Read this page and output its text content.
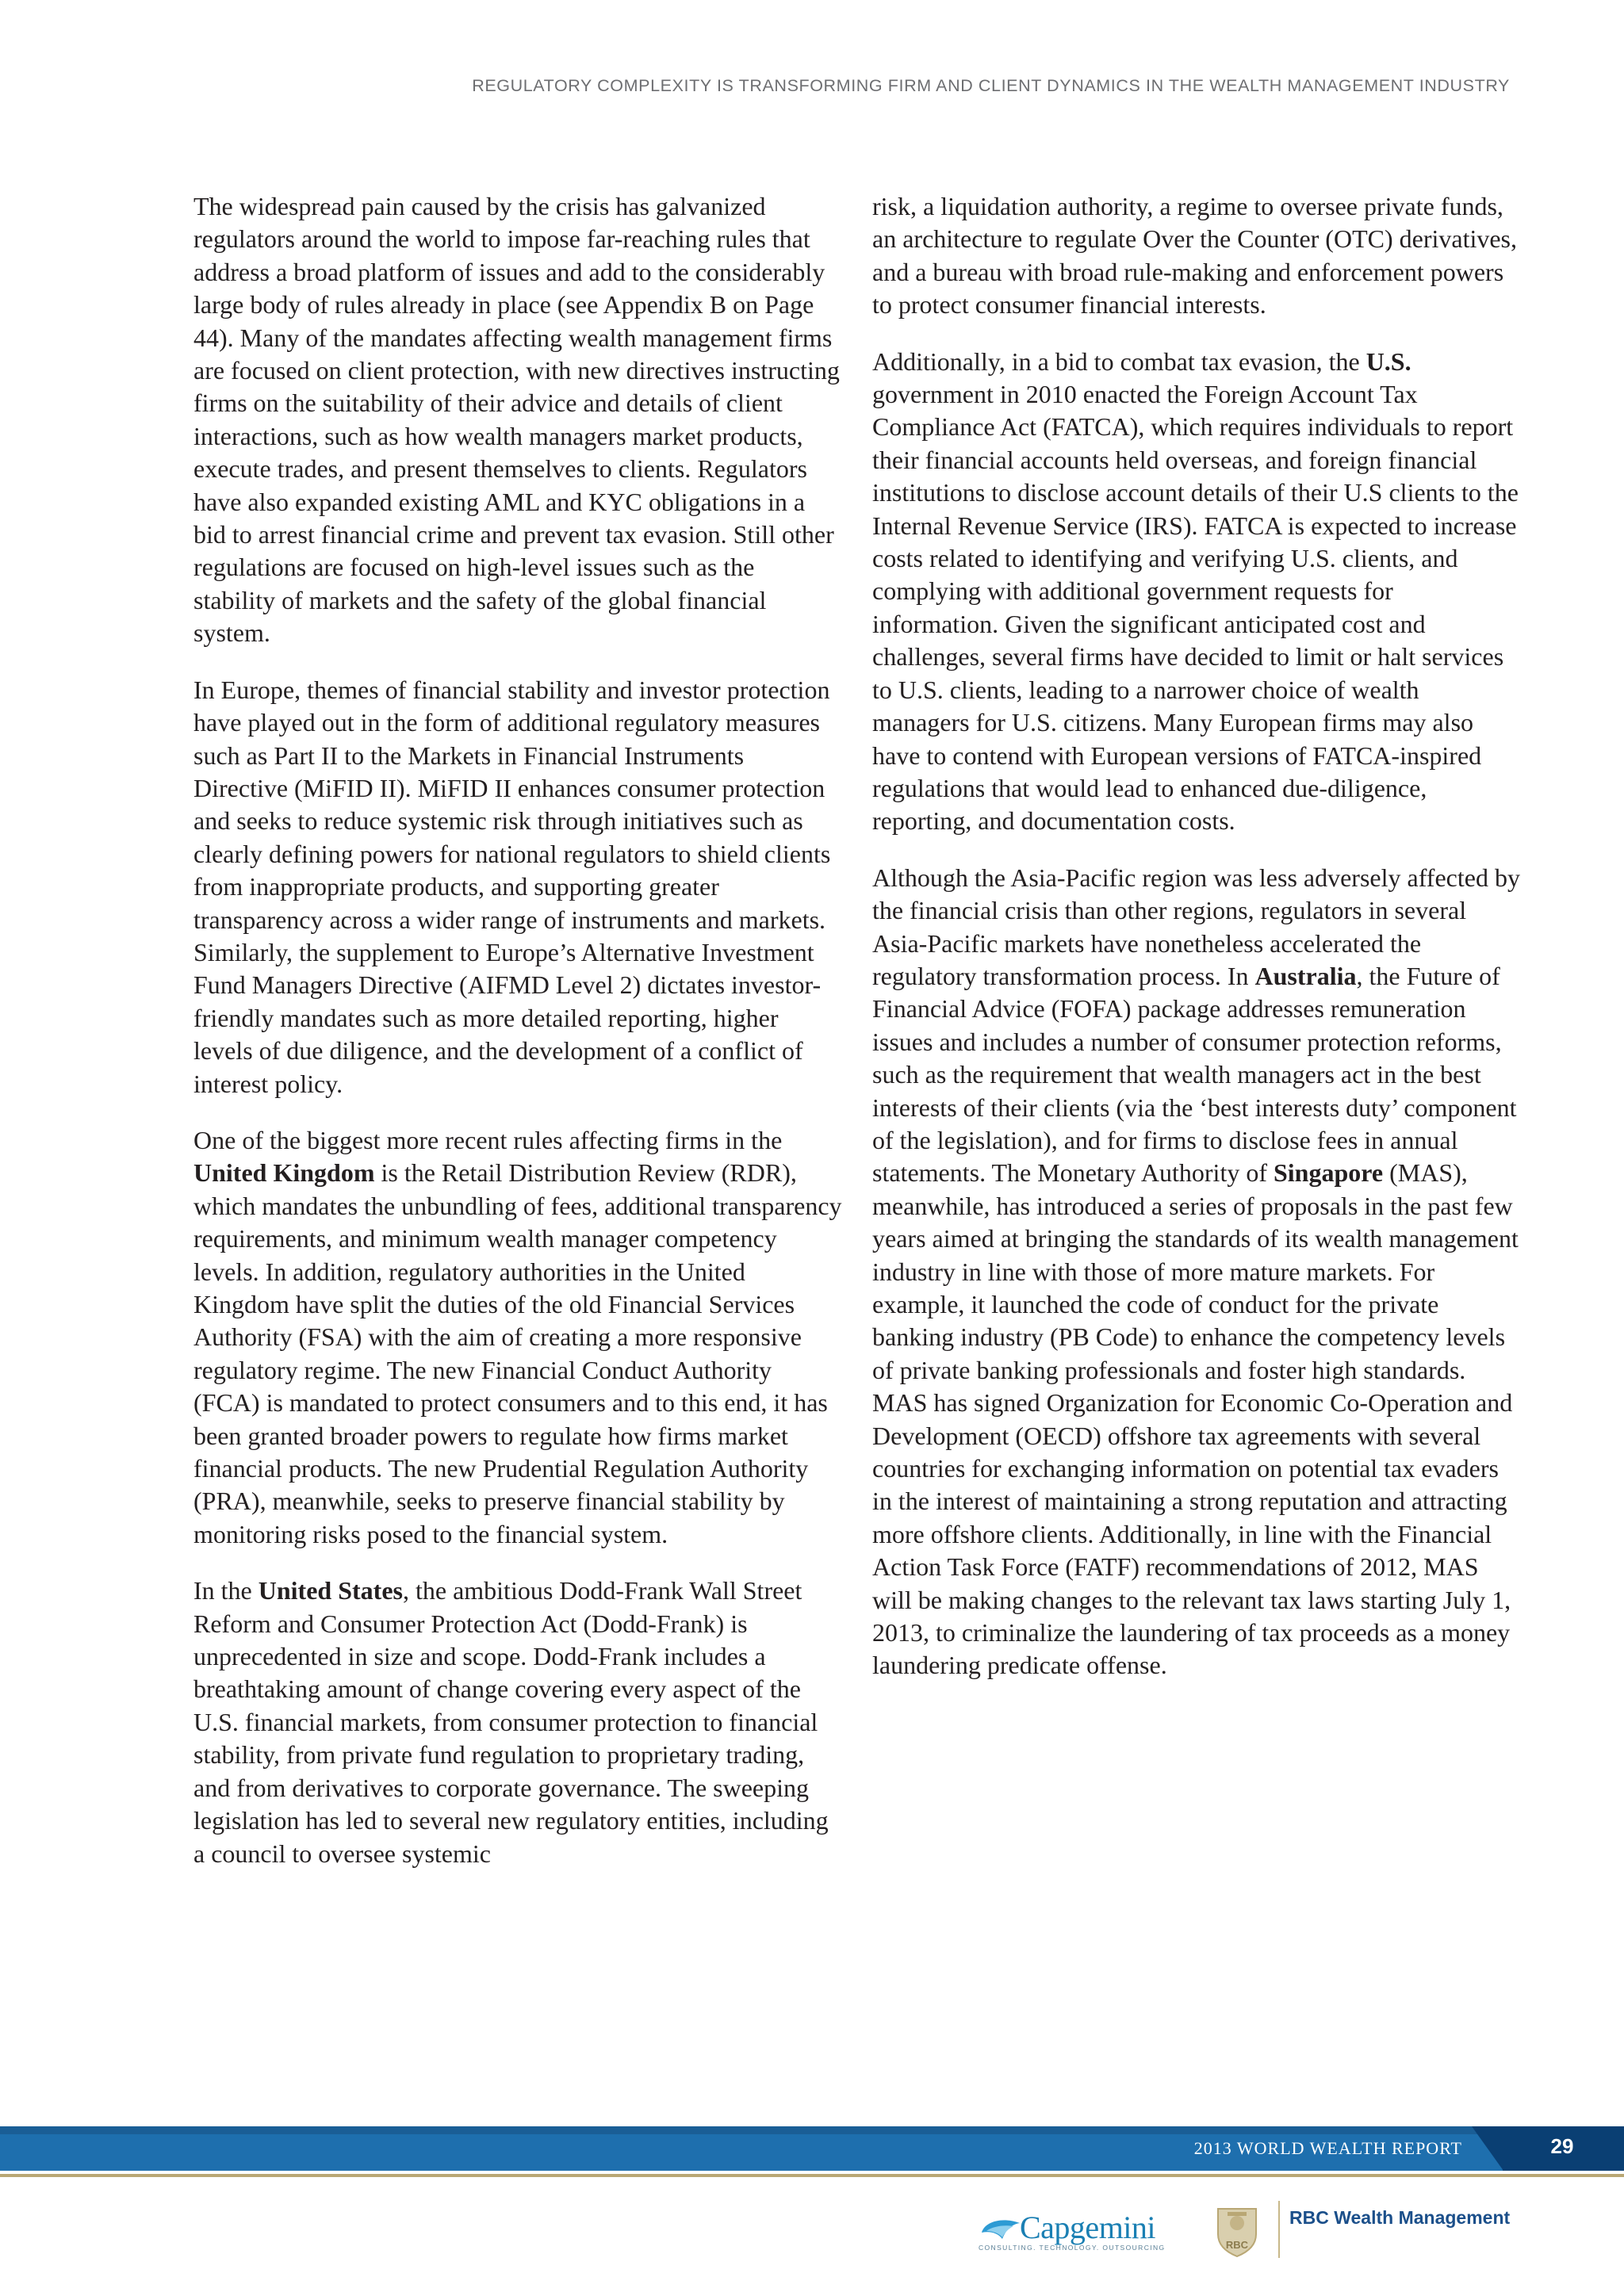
REGULATORY COMPLEXITY IS TRANSFORMING FIRM AND CLIENT DYNAMICS IN THE WEALTH MANAGEMENT INDUSTRY

The widespread pain caused by the crisis has galvanized regulators around the world to impose far-reaching rules that address a broad platform of issues and add to the considerably large body of rules already in place (see Appendix B on Page 44). Many of the mandates affecting wealth management firms are focused on client protection, with new directives instructing firms on the suitability of their advice and details of client interactions, such as how wealth managers market products, execute trades, and present themselves to clients. Regulators have also expanded existing AML and KYC obligations in a bid to arrest financial crime and prevent tax evasion. Still other regulations are focused on high-level issues such as the stability of markets and the safety of the global financial system.

In Europe, themes of financial stability and investor protection have played out in the form of additional regulatory measures such as Part II to the Markets in Financial Instruments Directive (MiFID II). MiFID II enhances consumer protection and seeks to reduce systemic risk through initiatives such as clearly defining powers for national regulators to shield clients from inappropriate products, and supporting greater transparency across a wider range of instruments and markets. Similarly, the supplement to Europe’s Alternative Investment Fund Managers Directive (AIFMD Level 2) dictates investor-friendly mandates such as more detailed reporting, higher levels of due diligence, and the development of a conflict of interest policy.

One of the biggest more recent rules affecting firms in the United Kingdom is the Retail Distribution Review (RDR), which mandates the unbundling of fees, additional transparency requirements, and minimum wealth manager competency levels. In addition, regulatory authorities in the United Kingdom have split the duties of the old Financial Services Authority (FSA) with the aim of creating a more responsive regulatory regime. The new Financial Conduct Authority (FCA) is mandated to protect consumers and to this end, it has been granted broader powers to regulate how firms market financial products. The new Prudential Regulation Authority (PRA), meanwhile, seeks to preserve financial stability by monitoring risks posed to the financial system.

In the United States, the ambitious Dodd-Frank Wall Street Reform and Consumer Protection Act (Dodd-Frank) is unprecedented in size and scope. Dodd-Frank includes a breathtaking amount of change covering every aspect of the U.S. financial markets, from consumer protection to financial stability, from private fund regulation to proprietary trading, and from derivatives to corporate governance. The sweeping legislation has led to several new regulatory entities, including a council to oversee systemic

risk, a liquidation authority, a regime to oversee private funds, an architecture to regulate Over the Counter (OTC) derivatives, and a bureau with broad rule-making and enforcement powers to protect consumer financial interests.

Additionally, in a bid to combat tax evasion, the U.S. government in 2010 enacted the Foreign Account Tax Compliance Act (FATCA), which requires individuals to report their financial accounts held overseas, and foreign financial institutions to disclose account details of their U.S clients to the Internal Revenue Service (IRS). FATCA is expected to increase costs related to identifying and verifying U.S. clients, and complying with additional government requests for information. Given the significant anticipated cost and challenges, several firms have decided to limit or halt services to U.S. clients, leading to a narrower choice of wealth managers for U.S. citizens. Many European firms may also have to contend with European versions of FATCA-inspired regulations that would lead to enhanced due-diligence, reporting, and documentation costs.

Although the Asia-Pacific region was less adversely affected by the financial crisis than other regions, regulators in several Asia-Pacific markets have nonetheless accelerated the regulatory transformation process. In Australia, the Future of Financial Advice (FOFA) package addresses remuneration issues and includes a number of consumer protection reforms, such as the requirement that wealth managers act in the best interests of their clients (via the ‘best interests duty’ component of the legislation), and for firms to disclose fees in annual statements. The Monetary Authority of Singapore (MAS), meanwhile, has introduced a series of proposals in the past few years aimed at bringing the standards of its wealth management industry in line with those of more mature markets. For example, it launched the code of conduct for the private banking industry (PB Code) to enhance the competency levels of private banking professionals and foster high standards. MAS has signed Organization for Economic Co-Operation and Development (OECD) offshore tax agreements with several countries for exchanging information on potential tax evaders in the interest of maintaining a strong reputation and attracting more offshore clients. Additionally, in line with the Financial Action Task Force (FATF) recommendations of 2012, MAS will be making changes to the relevant tax laws starting July 1, 2013, to criminalize the laundering of tax proceeds as a money laundering predicate offense.

2013 WORLD WEALTH REPORT	29
Capgemini
CONSULTING. TECHNOLOGY. OUTSOURCING	RBC
RBC Wealth Management
